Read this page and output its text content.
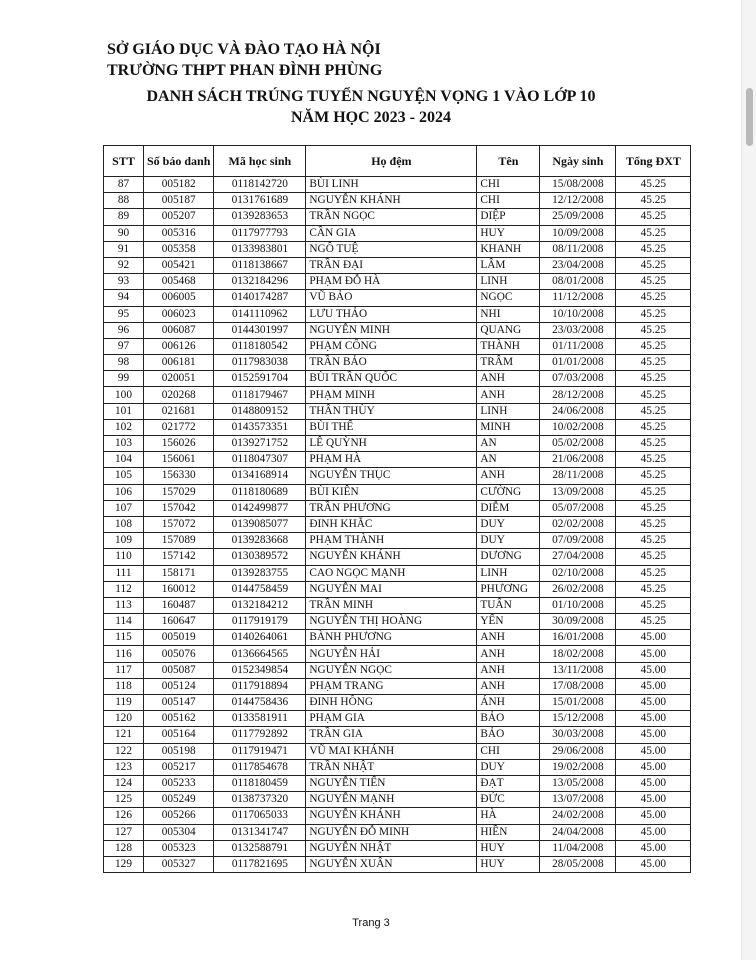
SỞ GIÁO DỤC VÀ ĐÀO TẠO HÀ NỘI
TRƯỜNG THPT PHAN ĐÌNH PHÙNG
DANH SÁCH TRÚNG TUYỂN NGUYỆN VỌNG 1 VÀO LỚP 10
NĂM HỌC 2023 - 2024
STT	Số báo danh	Mã học sinh	Họ đệm	Tên	Ngày sinh	Tổng ĐXT
87	005182	0118142720	BÙI LINH	CHI	15/08/2008	45.25
88	005187	0131761689	NGUYỄN KHÁNH	CHI	12/12/2008	45.25
89	005207	0139283653	TRẦN NGỌC	DIỆP	25/09/2008	45.25
90	005316	0117977793	CẦN GIA	HUY	10/09/2008	45.25
91	005358	0133983801	NGÔ TUỆ	KHANH	08/11/2008	45.25
92	005421	0118138667	TRẦN ĐẠI	LÂM	23/04/2008	45.25
93	005468	0132184296	PHẠM ĐỖ HÀ	LINH	08/01/2008	45.25
94	006005	0140174287	VŨ BẢO	NGỌC	11/12/2008	45.25
95	006023	0141110962	LƯU THẢO	NHI	10/10/2008	45.25
96	006087	0144301997	NGUYỄN MINH	QUANG	23/03/2008	45.25
97	006126	0118180542	PHẠM CÔNG	THÀNH	01/11/2008	45.25
98	006181	0117983038	TRẦN BẢO	TRÂM	01/01/2008	45.25
99	020051	0152591704	BÙI TRẦN QUỐC	ANH	07/03/2008	45.25
100	020268	0118179467	PHẠM MINH	ANH	28/12/2008	45.25
101	021681	0148809152	THÂN THÙY	LINH	24/06/2008	45.25
102	021772	0143573351	BÙI THẾ	MINH	10/02/2008	45.25
103	156026	0139271752	LÊ QUỲNH	AN	05/02/2008	45.25
104	156061	0118047307	PHẠM HÀ	AN	21/06/2008	45.25
105	156330	0134168914	NGUYỄN THỤC	ANH	28/11/2008	45.25
106	157029	0118180689	BÙI KIÊN	CƯỜNG	13/09/2008	45.25
107	157042	0142499877	TRẦN PHƯƠNG	DIỄM	05/07/2008	45.25
108	157072	0139085077	ĐINH KHẮC	DUY	02/02/2008	45.25
109	157089	0139283668	PHẠM THÀNH	DUY	07/09/2008	45.25
110	157142	0130389572	NGUYỄN KHÁNH	DƯƠNG	27/04/2008	45.25
111	158171	0139283755	CAO NGỌC MẠNH	LINH	02/10/2008	45.25
112	160012	0144758459	NGUYỄN MAI	PHƯƠNG	26/02/2008	45.25
113	160487	0132184212	TRẦN MINH	TUẤN	01/10/2008	45.25
114	160647	0117919179	NGUYỄN THỊ HOÀNG	YẾN	30/09/2008	45.25
115	005019	0140264061	BÀNH PHƯƠNG	ANH	16/01/2008	45.00
116	005076	0136664565	NGUYỄN HẢI	ANH	18/02/2008	45.00
117	005087	0152349854	NGUYỄN NGỌC	ANH	13/11/2008	45.00
118	005124	0117918894	PHẠM TRANG	ANH	17/08/2008	45.00
119	005147	0144758436	ĐINH HỒNG	ÁNH	15/01/2008	45.00
120	005162	0133581911	PHẠM GIA	BẢO	15/12/2008	45.00
121	005164	0117792892	TRẦN GIA	BẢO	30/03/2008	45.00
122	005198	0117919471	VŨ MAI KHÁNH	CHI	29/06/2008	45.00
123	005217	0117854678	TRẦN NHẬT	DUY	19/02/2008	45.00
124	005233	0118180459	NGUYỄN TIẾN	ĐẠT	13/05/2008	45.00
125	005249	0138737320	NGUYỄN MẠNH	ĐỨC	13/07/2008	45.00
126	005266	0117065033	NGUYỄN KHÁNH	HÀ	24/02/2008	45.00
127	005304	0131341747	NGUYỄN ĐỖ MINH	HIỀN	24/04/2008	45.00
128	005323	0132588791	NGUYỄN NHẬT	HUY	11/04/2008	45.00
129	005327	0117821695	NGUYỄN XUÂN	HUY	28/05/2008	45.00
Trang 3
